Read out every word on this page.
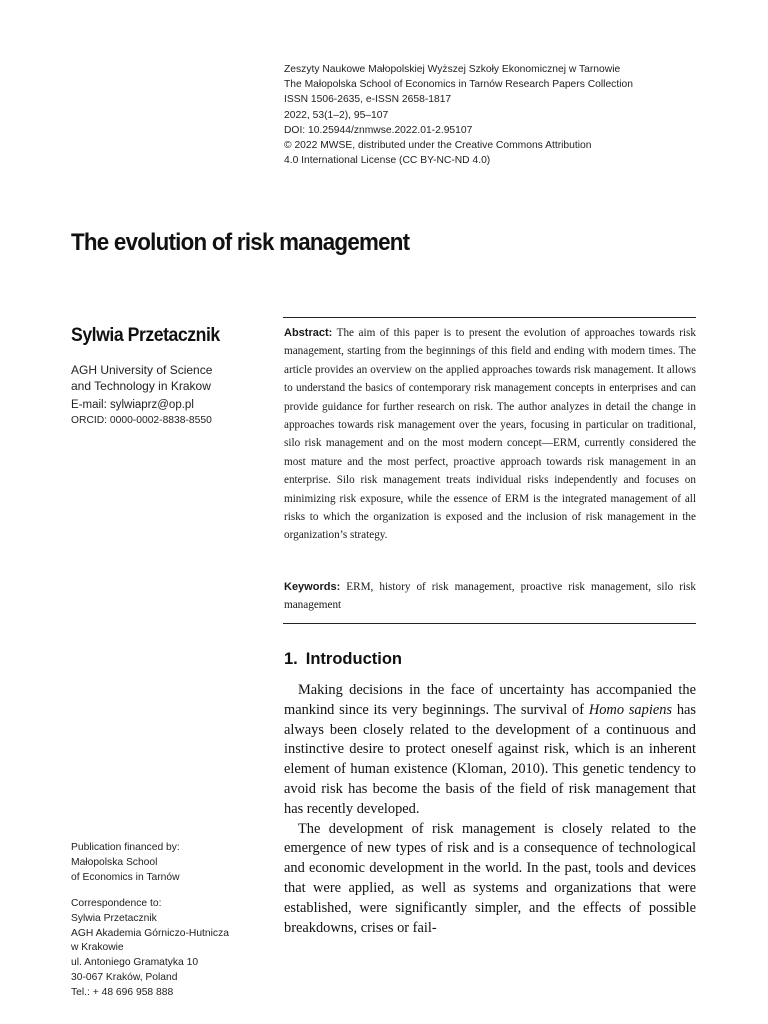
Zeszyty Naukowe Małopolskiej Wyższej Szkoły Ekonomicznej w Tarnowie
The Małopolska School of Economics in Tarnów Research Papers Collection
ISSN 1506-2635, e-ISSN 2658-1817
2022, 53(1–2), 95–107
DOI: 10.25944/znmwse.2022.01-2.95107
© 2022 MWSE, distributed under the Creative Commons Attribution
4.0 International License (CC BY-NC-ND 4.0)
The evolution of risk management
Sylwia Przetacznik
AGH University of Science
and Technology in Krakow
E-mail: sylwiaprz@op.pl
ORCID: 0000-0002-8838-8550
Abstract: The aim of this paper is to present the evolution of approaches towards risk management, starting from the beginnings of this field and ending with modern times. The article provides an overview on the applied approaches towards risk management. It allows to understand the basics of contemporary risk management concepts in enterprises and can provide guidance for further research on risk. The author analyzes in detail the change in approaches towards risk management over the years, focusing in particular on traditional, silo risk management and on the most modern concept—ERM, currently considered the most mature and the most perfect, proactive approach towards risk management in an enterprise. Silo risk management treats individual risks independently and focuses on minimizing risk exposure, while the essence of ERM is the integrated management of all risks to which the organization is exposed and the inclusion of risk management in the organization’s strategy.
Keywords: ERM, history of risk management, proactive risk management, silo risk management
1. Introduction

Making decisions in the face of uncertainty has accompanied the mankind since its very beginnings. The survival of Homo sapiens has always been closely related to the development of a continuous and instinctive desire to protect oneself against risk, which is an inherent element of human existence (Kloman, 2010). This genetic tendency to avoid risk has become the basis of the field of risk management that has recently developed.

The development of risk management is closely related to the emergence of new types of risk and is a consequence of technological and economic development in the world. In the past, tools and devices that were applied, as well as systems and organizations that were established, were significantly simpler, and the effects of possible breakdowns, crises or fail-

Publication financed by:
Małopolska School
of Economics in Tarnów
Correspondence to:
Sylwia Przetacznik
AGH Akademia Górniczo-Hutnicza
w Krakowie
ul. Antoniego Gramatyka 10
30-067 Kraków, Poland
Tel.: + 48 696 958 888
